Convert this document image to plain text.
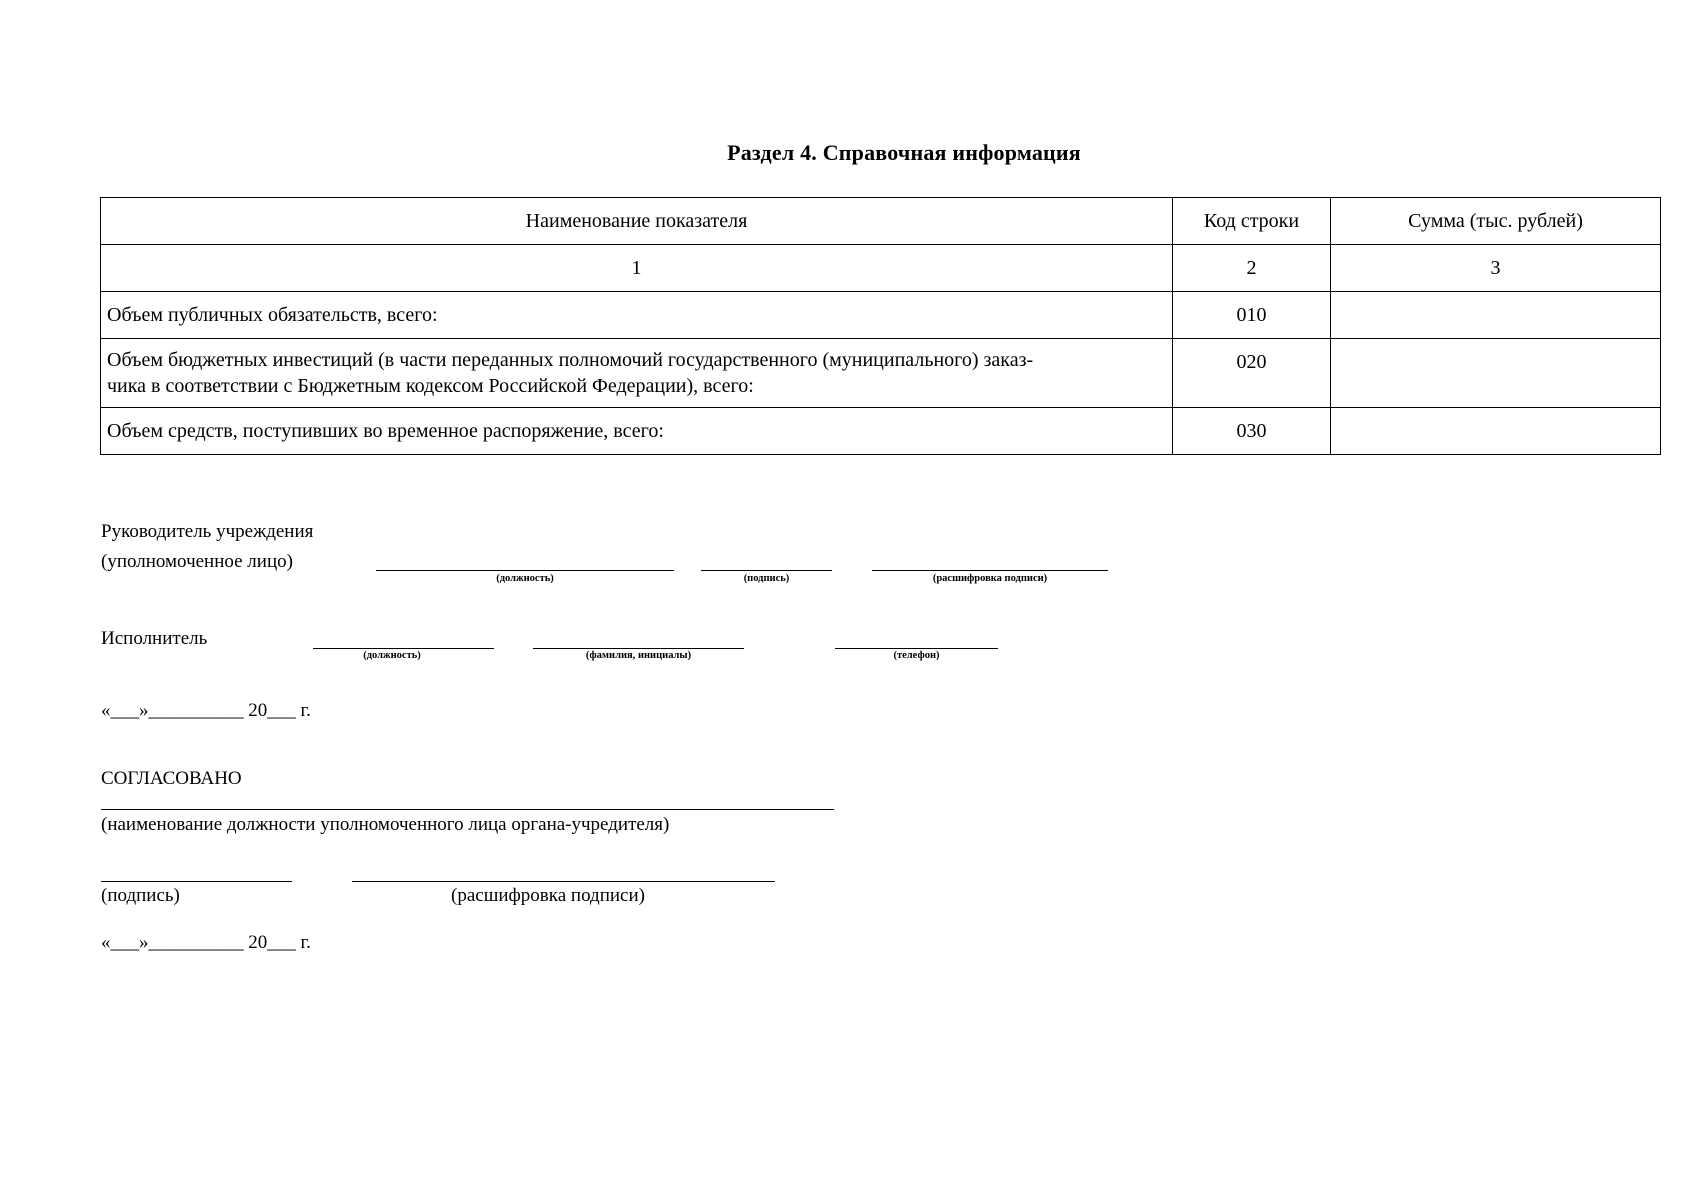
Раздел 4. Справочная информация
Наименование показателя	Код строки	Сумма (тыс. рублей)
1	2	3
Объем публичных обязательств, всего:	010	

Объем бюджетных инвестиций (в части переданных полномочий государственного (муниципального) заказ-
чика в соответствии с Бюджетным кодексом Российской Федерации), всего:	020	
Объем средств, поступивших во временное распоряжение, всего:	030	
Руководитель учреждения
(уполномоченное лицо)
(должность)	(подпись)	(расшифровка подписи)
Исполнитель
(должность)	(фамилия, инициалы)	(телефон)
«___»__________ 20___ г.
СОГЛАСОВАНО
(наименование должности уполномоченного лица органа-учредителя)
(подпись)	(расшифровка подписи)
«___»__________ 20___ г.
